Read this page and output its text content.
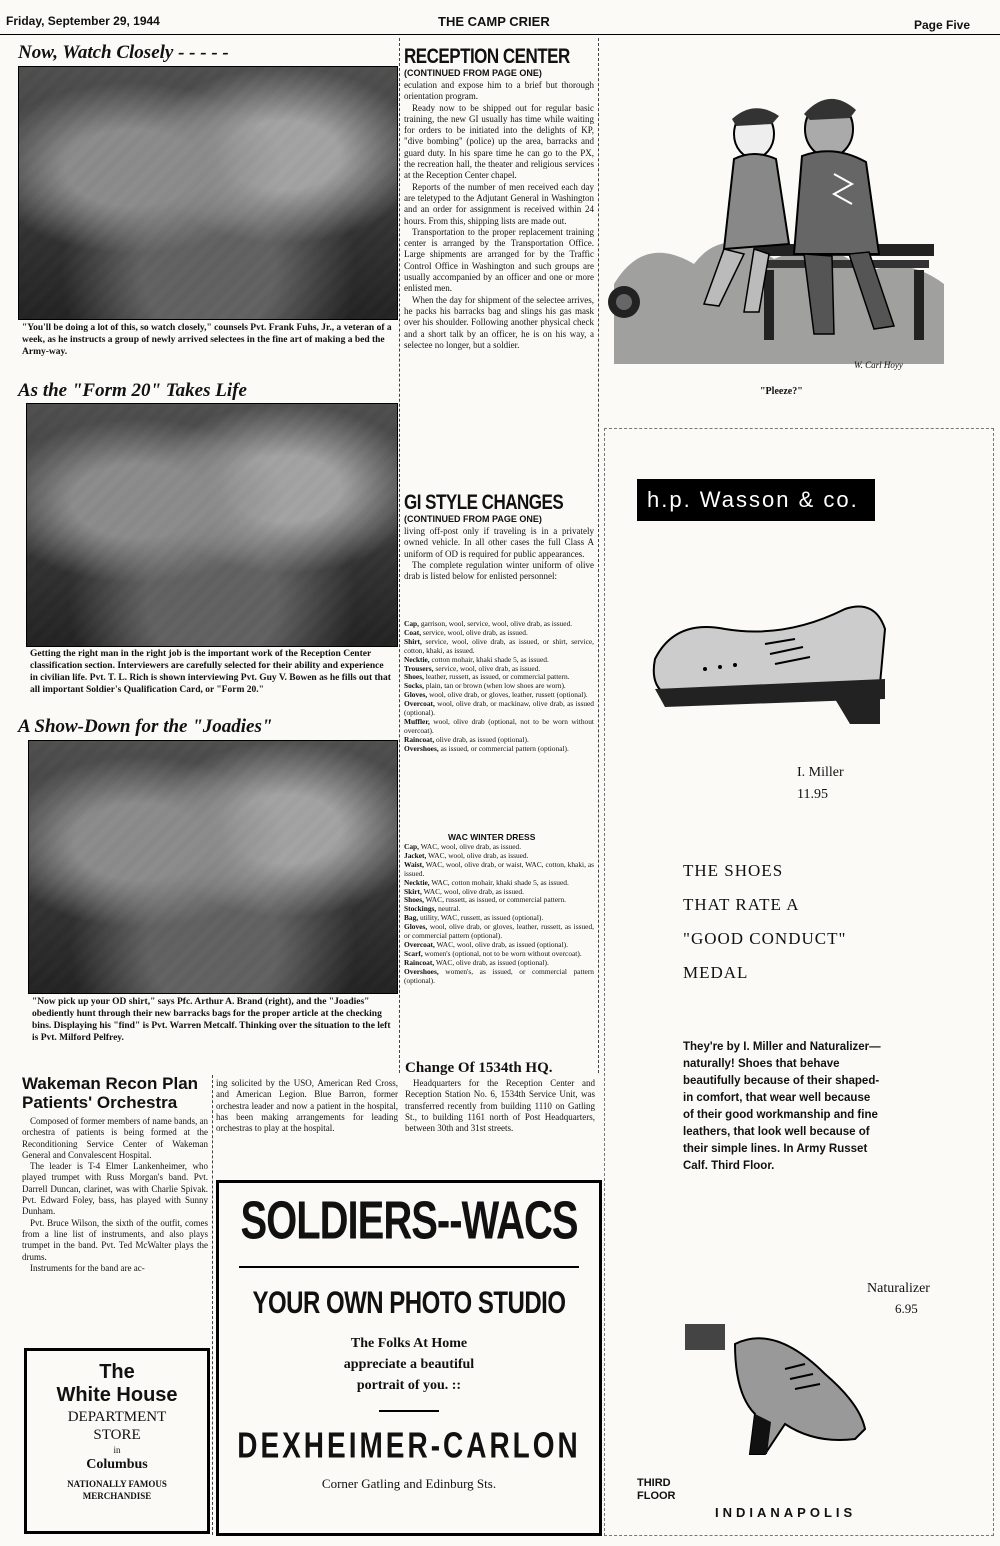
Friday, September 29, 1944	THE CAMP CRIER	Page Five
Now, Watch Closely - - - - -
"You'll be doing a lot of this, so watch closely," counsels Pvt. Frank Fuhs, Jr., a veteran of a week, as he instructs a group of newly arrived selectees in the fine art of making a bed the Army-way.
As the "Form 20" Takes Life
Getting the right man in the right job is the important work of the Reception Center classification section. Interviewers are carefully selected for their ability and experience in civilian life. Pvt. T. L. Rich is shown interviewing Pvt. Guy V. Bowen as he fills out that all important Soldier's Qualification Card, or "Form 20."
A Show-Down for the "Joadies"
"Now pick up your OD shirt," says Pfc. Arthur A. Brand (right), and the "Joadies" obediently hunt through their new barracks bags for the proper article at the checking bins. Displaying his "find" is Pvt. Warren Metcalf. Thinking over the situation to the left is Pvt. Milford Pelfrey.
RECEPTION CENTER
(CONTINUED FROM PAGE ONE)

eculation and expose him to a brief but thorough orientation program.

Ready now to be shipped out for regular basic training, the new GI usually has time while waiting for orders to be initiated into the delights of KP, "dive bombing" (police) up the area, barracks and guard duty. In his spare time he can go to the PX, the recreation hall, the theater and religious services at the Reception Center chapel.

Reports of the number of men received each day are teletyped to the Adjutant General in Washington and an order for assignment is received within 24 hours. From this, shipping lists are made out.

Transportation to the proper replacement training center is arranged by the Transportation Office. Large shipments are arranged for by the Traffic Control Office in Washington and such groups are usually accompanied by an officer and one or more enlisted men.

When the day for shipment of the selectee arrives, he packs his barracks bag and slings his gas mask over his shoulder. Following another physical check and a short talk by an officer, he is on his way, a selectee no longer, but a soldier.

GI STYLE CHANGES
(CONTINUED FROM PAGE ONE)

living off-post only if traveling is in a privately owned vehicle. In all other cases the full Class A uniform of OD is required for public appearances.

The complete regulation winter uniform of olive drab is listed below for enlisted personnel:

Cap, garrison, wool, service, wool, olive drab, as issued.
Coat, service, wool, olive drab, as issued.
Shirt, service, wool, olive drab, as issued, or shirt, service, cotton, khaki, as issued.
Necktie, cotton mohair, khaki shade 5, as issued.
Trousers, service, wool, olive drab, as issued.
Shoes, leather, russett, as issued, or commercial pattern.
Socks, plain, tan or brown (when low shoes are worn).
Gloves, wool, olive drab, or gloves, leather, russett (optional).
Overcoat, wool, olive drab, or mackinaw, olive drab, as issued (optional).
Muffler, wool, olive drab (optional, not to be worn without overcoat).
Raincoat, olive drab, as issued (optional).
Overshoes, as issued, or commercial pattern (optional).
WAC WINTER DRESS
Cap, WAC, wool, olive drab, as issued.
Jacket, WAC, wool, olive drab, as issued.
Waist, WAC, wool, olive drab, or waist, WAC, cotton, khaki, as issued.
Necktie, WAC, cotton mohair, khaki shade 5, as issued.
Skirt, WAC, wool, olive drab, as issued.
Shoes, WAC, russett, as issued, or commercial pattern.
Stockings, neutral.
Bag, utility, WAC, russett, as issued (optional).
Gloves, wool, olive drab, or gloves, leather, russett, as issued, or commercial pattern (optional).
Overcoat, WAC, wool, olive drab, as issued (optional).
Scarf, women's (optional, not to be worn without overcoat).
Raincoat, WAC, olive drab, as issued (optional).
Overshoes, women's, as issued, or commercial pattern (optional).
Change Of 1534th HQ.
Headquarters for the Reception Center and Reception Station No. 6, 1534th Service Unit, was transferred recently from building 1110 on Gatling St., to building 1161 north of Post Headquarters, between 30th and 31st streets.
Wakeman Recon Plan Patients' Orchestra

Composed of former members of name bands, an orchestra of patients is being formed at the Reconditioning Service Center of Wakeman General and Convalescent Hospital.

The leader is T-4 Elmer Lankenheimer, who played trumpet with Russ Morgan's band. Pvt. Darrell Duncan, clarinet, was with Charlie Spivak. Pvt. Edward Foley, bass, has played with Sunny Dunham.

Pvt. Bruce Wilson, the sixth of the outfit, comes from a line list of instruments, and also plays trumpet in the band. Pvt. Ted McWalter plays the drums.

Instruments for the band are ac-

ing solicited by the USO, American Red Cross, and American Legion. Blue Barron, former orchestra leader and now a patient in the hospital, has been making arrangements for leading orchestras to play at the hospital.
The
White House
DEPARTMENT
STORE
in
Columbus
NATIONALLY FAMOUS
MERCHANDISE
SOLDIERS--WACS
YOUR OWN PHOTO STUDIO
The Folks At Home
appreciate a beautiful
portrait of you. ::
DEXHEIMER-CARLON
Corner Gatling and Edinburg Sts.
W. Carl Hoyy
"Pleeze?"
h.p. Wasson & co.
I. Miller
11.95
THE SHOES
THAT RATE A
"GOOD CONDUCT"
MEDAL
They're by I. Miller and Naturalizer—naturally! Shoes that behave beautifully because of their shaped-in comfort, that wear well because of their good workmanship and fine leathers, that look well because of their simple lines. In Army Russet Calf. Third Floor.
Naturalizer
6.95
THIRD
FLOOR
INDIANAPOLIS
